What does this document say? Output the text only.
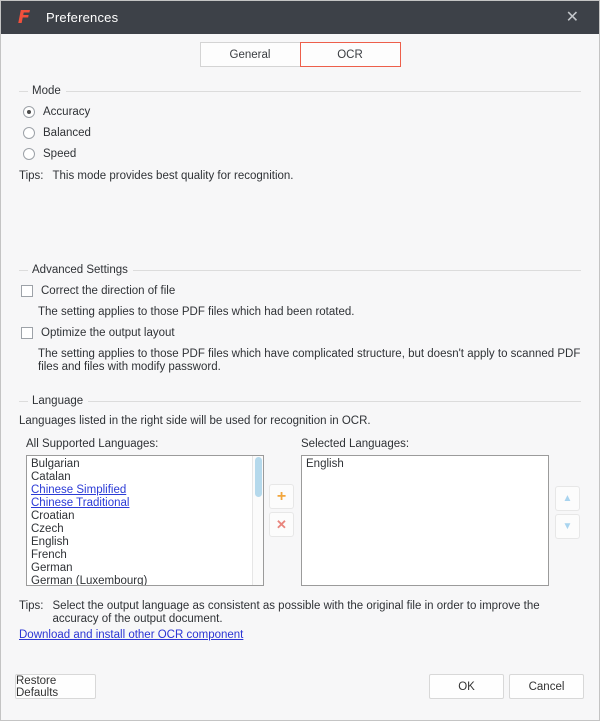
F Preferences	✕
General	OCR
Mode
Accuracy
Balanced
Speed
Tips: This mode provides best quality for recognition.
Advanced Settings
Correct the direction of file
The setting applies to those PDF files which had been rotated.
Optimize the output layout
The setting applies to those PDF files which have complicated structure, but doesn't apply to scanned PDF files and files with modify password.
Language
Languages listed in the right side will be used for recognition in OCR.
All Supported Languages:	Selected Languages:
Bulgarian
Catalan
Chinese Simplified
Chinese Traditional
Croatian
Czech
English
French
German
German (Luxembourg)
English
+
✕
▲
▼
Tips: Select the output language as consistent as possible with the original file in order to improve the accuracy of the output document.
Download and install other OCR component
Restore Defaults	OK	Cancel
